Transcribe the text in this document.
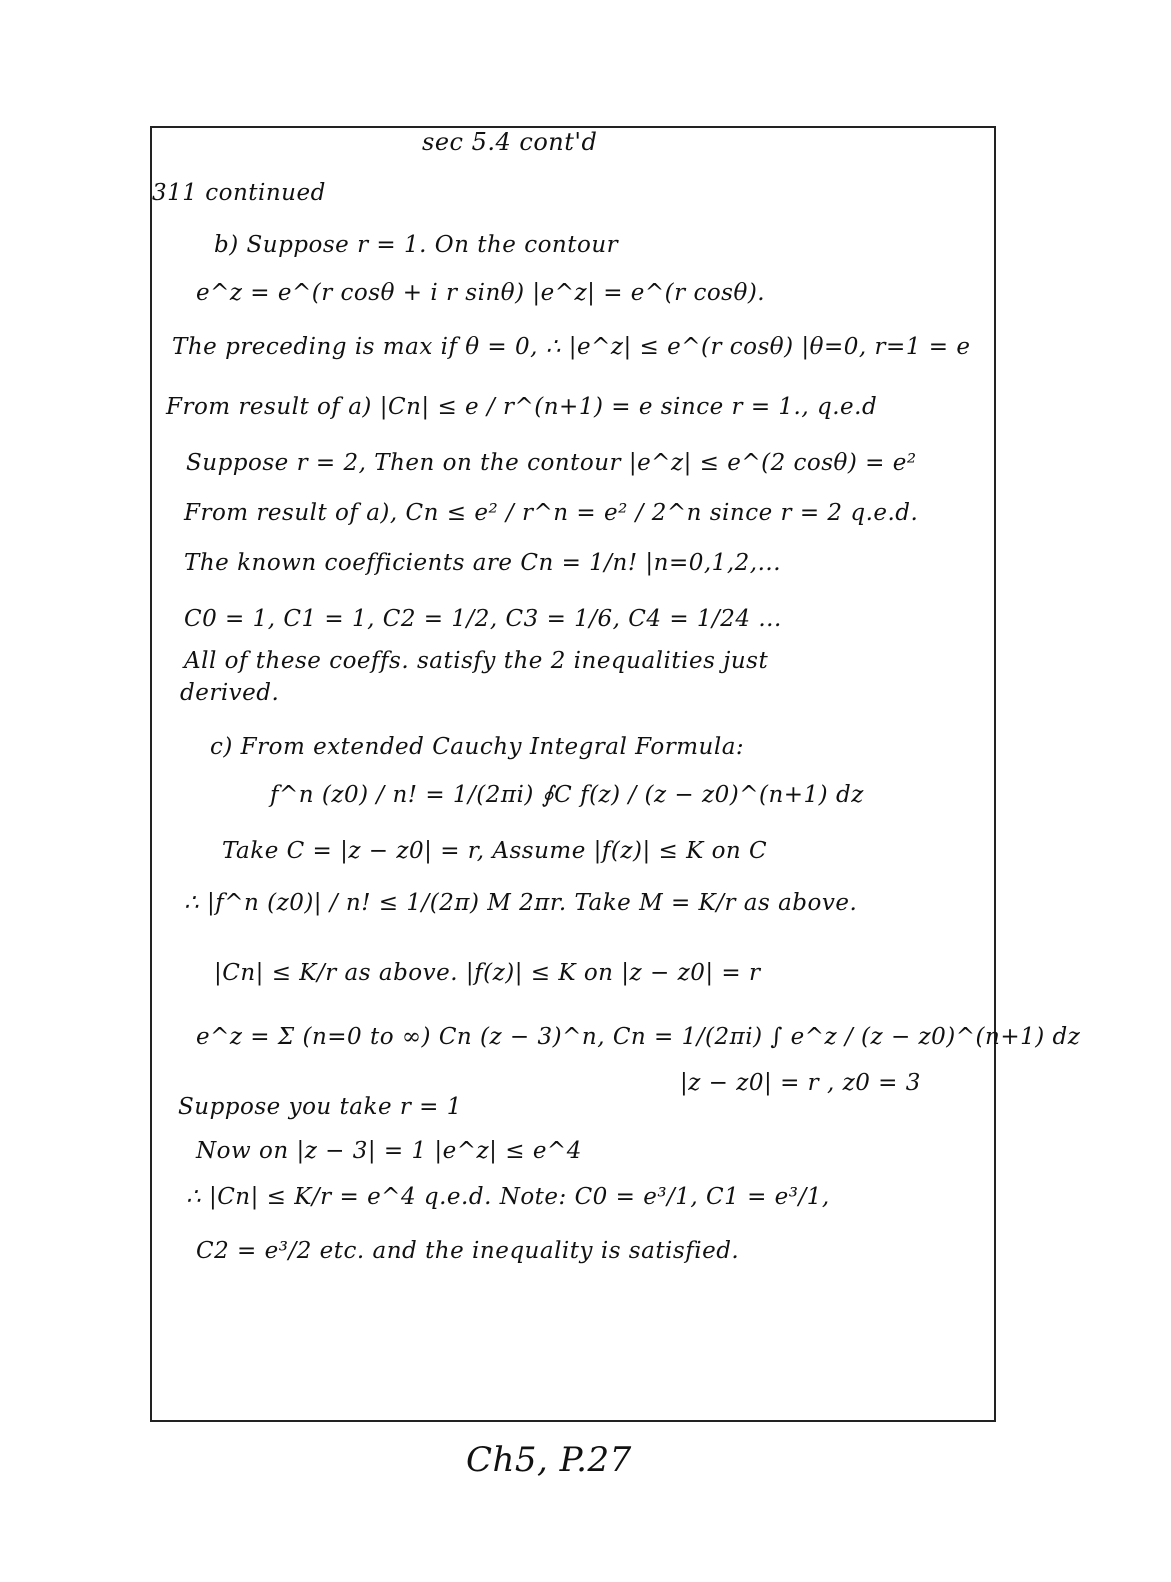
sec 5.4 cont'd
311 continued
b) Suppose r = 1. On the contour
e^z = e^(r cosθ + i r sinθ) |e^z| = e^(r cosθ).
The preceding is max if θ = 0, ∴ |e^z| ≤ e^(r cosθ) |θ=0, r=1 = e
From result of a) |Cn| ≤ e / r^(n+1) = e since r = 1., q.e.d
Suppose r = 2, Then on the contour |e^z| ≤ e^(2 cosθ) = e²
From result of a), Cn ≤ e² / r^n = e² / 2^n since r = 2 q.e.d.
The known coefficients are Cn = 1/n! |n=0,1,2,...
C0 = 1, C1 = 1, C2 = 1/2, C3 = 1/6, C4 = 1/24 ...
All of these coeffs. satisfy the 2 inequalities just
derived.
c) From extended Cauchy Integral Formula:
f^n (z0) / n! = 1/(2πi) ∮C f(z) / (z − z0)^(n+1) dz
Take C = |z − z0| = r, Assume |f(z)| ≤ K on C
∴ |f^n (z0)| / n! ≤ 1/(2π) M 2πr. Take M = K/r as above.
|Cn| ≤ K/r as above. |f(z)| ≤ K on |z − z0| = r
e^z = Σ (n=0 to ∞) Cn (z − 3)^n, Cn = 1/(2πi) ∫ e^z / (z − z0)^(n+1) dz
|z − z0| = r , z0 = 3
Suppose you take r = 1
Now on |z − 3| = 1 |e^z| ≤ e^4
∴ |Cn| ≤ K/r = e^4 q.e.d. Note: C0 = e³/1, C1 = e³/1,
C2 = e³/2 etc. and the inequality is satisfied.
Ch5, P.27
